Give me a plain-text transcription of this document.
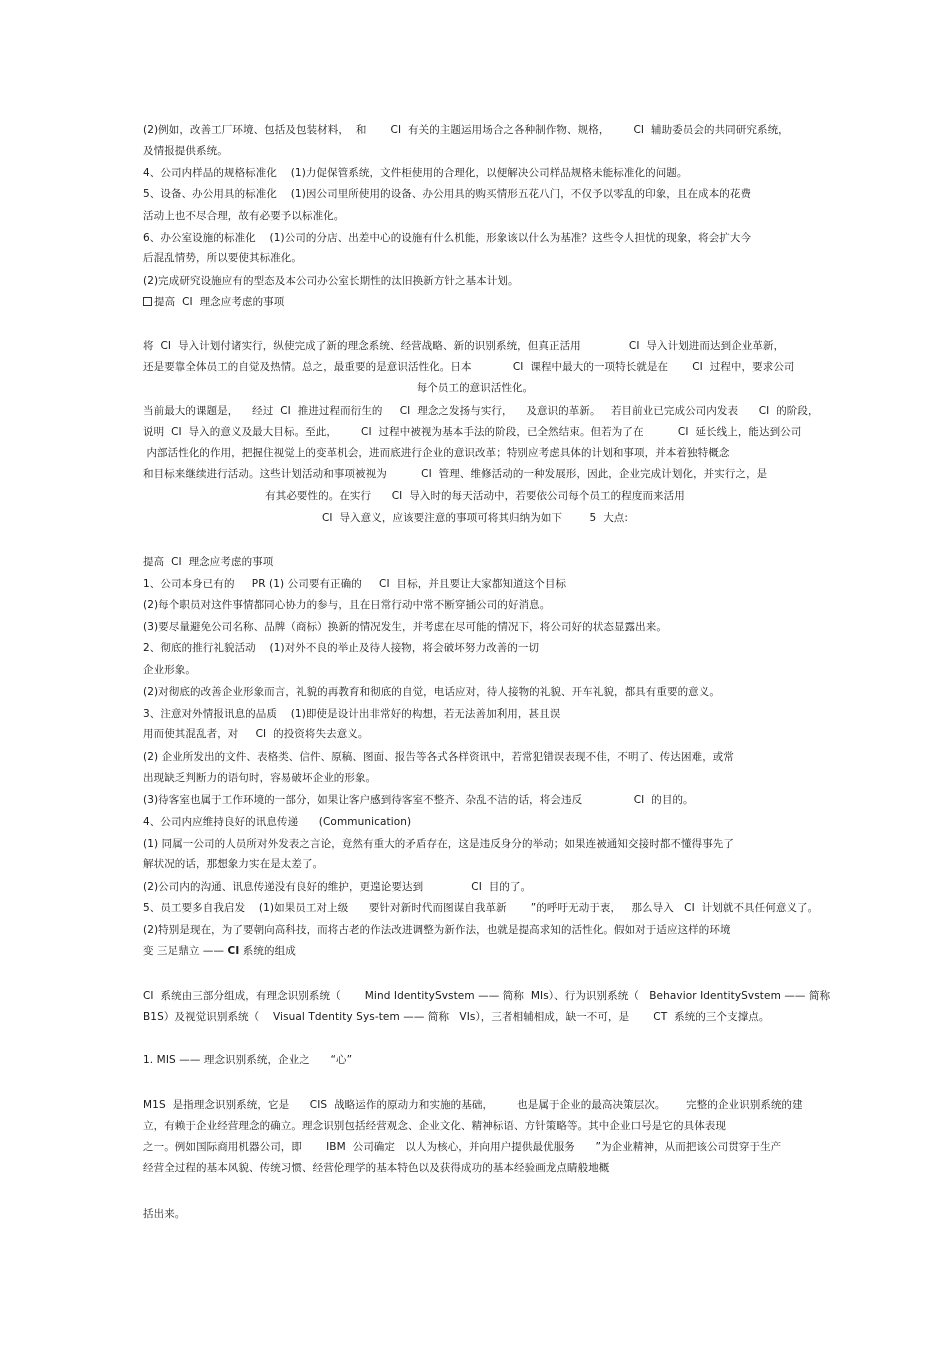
(2)例如，改善工厂环境、包括及包装材料，  和       CI  有关的主题运用场合之各种制作物、规格，       CI  辅助委员会的共同研究系统，
及情报提供系统。
4、公司内样品的规格标准化    (1)力促保管系统，文件柜使用的合理化，以便解决公司样品规格未能标准化的问题。
5、设备、办公用具的标准化    (1)因公司里所使用的设备、办公用具的购买情形五花八门，不仅予以零乱的印象，且在成本的花费
活动上也不尽合理，故有必要予以标准化。
6、办公室设施的标准化    (1)公司的分店、出差中心的设施有什么机能，形象该以什么为基准？这些令人担忧的现象，将会扩大今
后混乱情势，所以要使其标准化。
(2)完成研究设施应有的型态及本公司办公室长期性的汰旧换新方针之基本计划。
提高  CI  理念应考虑的事项
将  CI  导入计划付诸实行，纵使完成了新的理念系统、经营战略、新的识别系统，但真正活用              CI  导入计划进而达到企业革新，
还是要靠全体员工的自觉及热情。总之，最重要的是意识活性化。日本            CI  课程中最大的一项特长就是在       CI  过程中，要求公司
每个员工的意识活性化。
当前最大的课题是，    经过  CI  推进过程而衍生的     CI  理念之发扬与实行，    及意识的革新。   若目前业已完成公司内发表      CI  的阶段，
说明  CI  导入的意义及最大目标。至此，       CI  过程中被视为基本手法的阶段，已全然结束。但若为了在          CI  延长线上，能达到公司
内部活性化的作用，把握住视觉上的变革机会，进而底进行企业的意识改革；特别应考虑具体的计划和事项，并本着独特概念
和目标来继续进行活动。这些计划活动和事项被视为          CI  管理、维修活动的一种发展形，因此，企业完成计划化，并实行之，是
有其必要性的。在实行      CI  导入时的每天活动中，若要依公司每个员工的程度而来活用
CI  导入意义，应该要注意的事项可将其归纳为如下        5  大点:
提高  CI  理念应考虑的事项
1、公司本身已有的     PR (1) 公司要有正确的     CI  目标，并且要让大家都知道这个目标
(2)每个职员对这件事情都同心协力的参与，且在日常行动中常不断穿插公司的好消息。
(3)要尽量避免公司名称、品牌（商标）换新的情况发生，并考虑在尽可能的情况下，将公司好的状态显露出来。
2、彻底的推行礼貌活动    (1)对外不良的举止及待人接物，将会破坏努力改善的一切
企业形象。
(2)对彻底的改善企业形象而言，礼貌的再教育和彻底的自觉，电话应对，待人接物的礼貌、开车礼貌，都具有重要的意义。
3、注意对外情报讯息的品质    (1)即使是设计出非常好的构想，若无法善加利用，甚且误
用而使其混乱者，对     CI  的投资将失去意义。
(2) 企业所发出的文件、表格类、信件、原稿、图面、报告等各式各样资讯中，若常犯错误表现不佳，不明了、传达困难，或常
出现缺乏判断力的语句时，容易破坏企业的形象。
(3)待客室也属于工作环境的一部分，如果让客户感到待客室不整齐、杂乱不洁的话，将会违反               CI  的目的。
4、公司内应维持良好的讯息传递      (Communication)
(1) 同属一公司的人员所对外发表之言论，竟然有重大的矛盾存在，这是违反身分的举动；如果连被通知交接时都不懂得事先了
解状况的话，那想象力实在是太差了。
(2)公司内的沟通、讯息传递没有良好的维护，更遑论要达到              CI  目的了。
5、员工要多自我启发    (1)如果员工对上级      要针对新时代而图谋自我革新       ”的呼吁无动于衷，   那么导入   CI  计划就不具任何意义了。
(2)特别是现在，为了要朝向高科技，而将古老的作法改进调整为新作法，也就是提高求知的活性化。假如对于适应这样的环境
变 三足鼎立 —— CI 系统的组成
CI  系统由三部分组成，有理念识别系统（       Mind IdentitySvstem —— 简称  MIs）、行为识别系统（   Behavior IdentitySvstem —— 简称
B1S）及视觉识别系统（    Visual Tdentity Sys-tem —— 简称   VIs），三者相辅相成，缺一不可，是       CT  系统的三个支撑点。
1. MIS —— 理念识别系统，企业之      “心”
M1S  是指理念识别系统，它是      CIS  战略运作的原动力和实施的基础，       也是属于企业的最高决策层次。      完整的企业识别系统的建
立，有赖于企业经营理念的确立。理念识别包括经营观念、企业文化、精神标语、方针策略等。其中企业口号是它的具体表现
之一。例如国际商用机器公司，即       IBM  公司确定   以人为核心，并向用户提供最优服务      ”为企业精神，从而把该公司贯穿于生产
经营全过程的基本风貌、传统习惯、经营伦理学的基本特色以及获得成功的基本经验画龙点睛般地概
括出来。
